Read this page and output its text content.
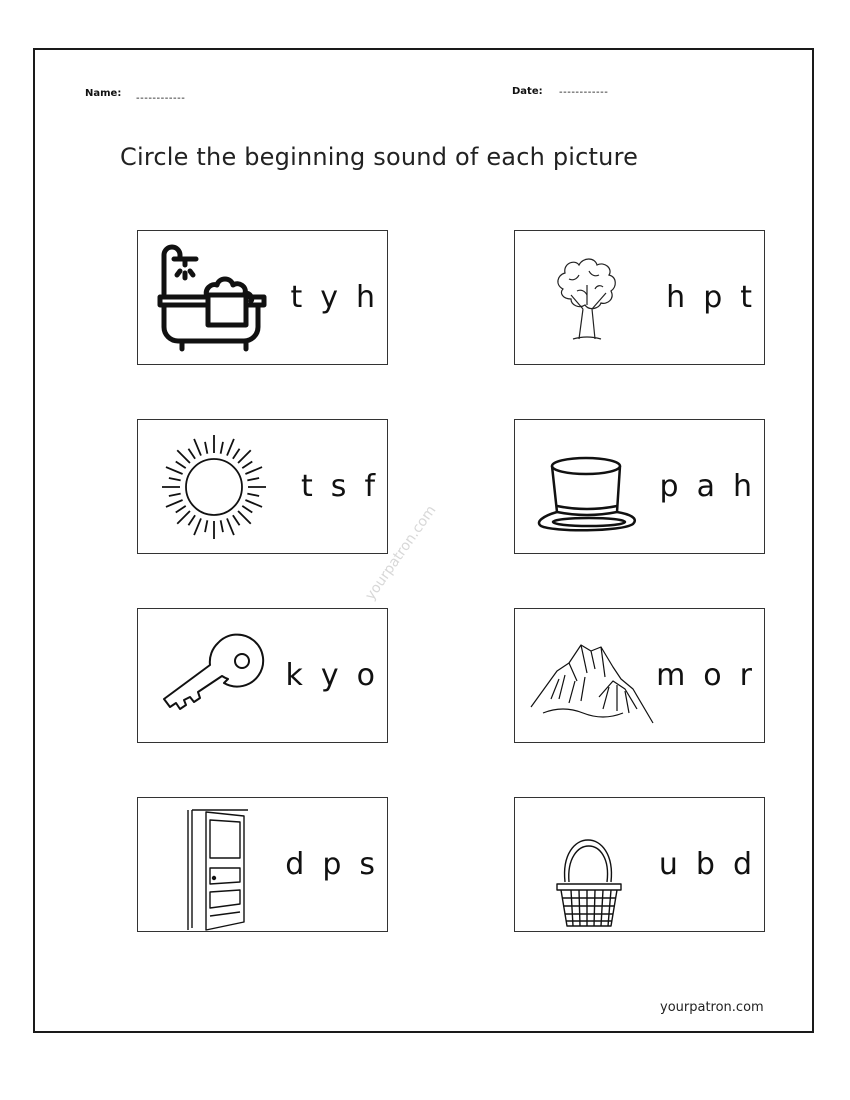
Name: ------------
Date: ------------
Circle the beginning sound of each picture
yourpatron.com
t y h	h p t
t s f	p a h
k y o	m o r
d p s	u b d
yourpatron.com
